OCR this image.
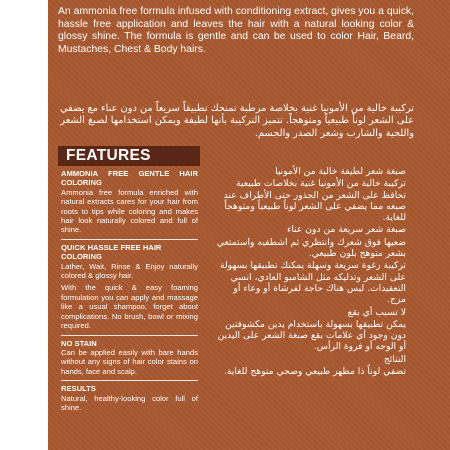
An ammonia free formula infused with conditioning extract, gives you a quick, hassle free application and leaves the hair with a natural looking color & glossy shine. The formula is gentle and can be used to color Hair, Beard, Mustaches, Chest & Body hairs.
تركيبة خالية من الأمونيا غنية بخلاصة مرطبة تمنحك تطبيقاً سريعاً من دون عناء مع يضفي على الشعر لوناً طبيعياً ومتوهجاً. تتميز التركيبة بأنها لطيفة ويمكن استخدامها لصبغ الشعر واللحية والشارب وشعر الصدر والجسم.
FEATURES
AMMONIA FREE GENTLE HAIR COLORING
Ammonia free formula enriched with natural extracts cares for your hair from roots to tips while coloring and makes hair look naturally colored and full of shine.
QUICK HASSLE FREE HAIR COLORING
Lather, Wait, Rinse & Enjoy naturally colored & glossy hair.
With the quick & easy foaming formulation you can apply and massage like a usual shampoo, forget about complications. No brush, bowl or mixing required.
NO STAIN
Can be applied easily with bare hands without any signs of hair color stains on hands, face and scalp.
RESULTS
Natural, healthy-looking color full of shine.

صبغة شعر لطيفة خالية من الأمونيا

تركيبة خالية من الأمونيا غنية بخلاصات طبيعية تحافظ على الشعر من الجذور حتى الأطراف عند صبغه مما يضفي على الشعر لوناً طبيعياً ومتوهجاً للغاية.

صبغة شعر سريعة من دون عناء

ضعيها فوق شعرك وانتظري ثم اشطفيه واستمتعي بشعر متوهج بلون طبيعي.

تركيبة رغوة سريعة وسهلة يمكنك تطبيقها بسهولة على الشعر وتدليكه مثل الشامبو العادي، انسي التعقيدات. ليس هناك حاجة لفرشاة أو وعاء أو مزج.

لا تسبب أي بقع

يمكن تطبيقها بسهولة باستخدام يدين مكشوفتين دون وجود أي علامات بقع صبغة الشعر على اليدين أو الوجه أو فروة الرأس.

النتائج

تضفي لوناً ذا مظهر طبيعي وصحي متوهج للغاية.
